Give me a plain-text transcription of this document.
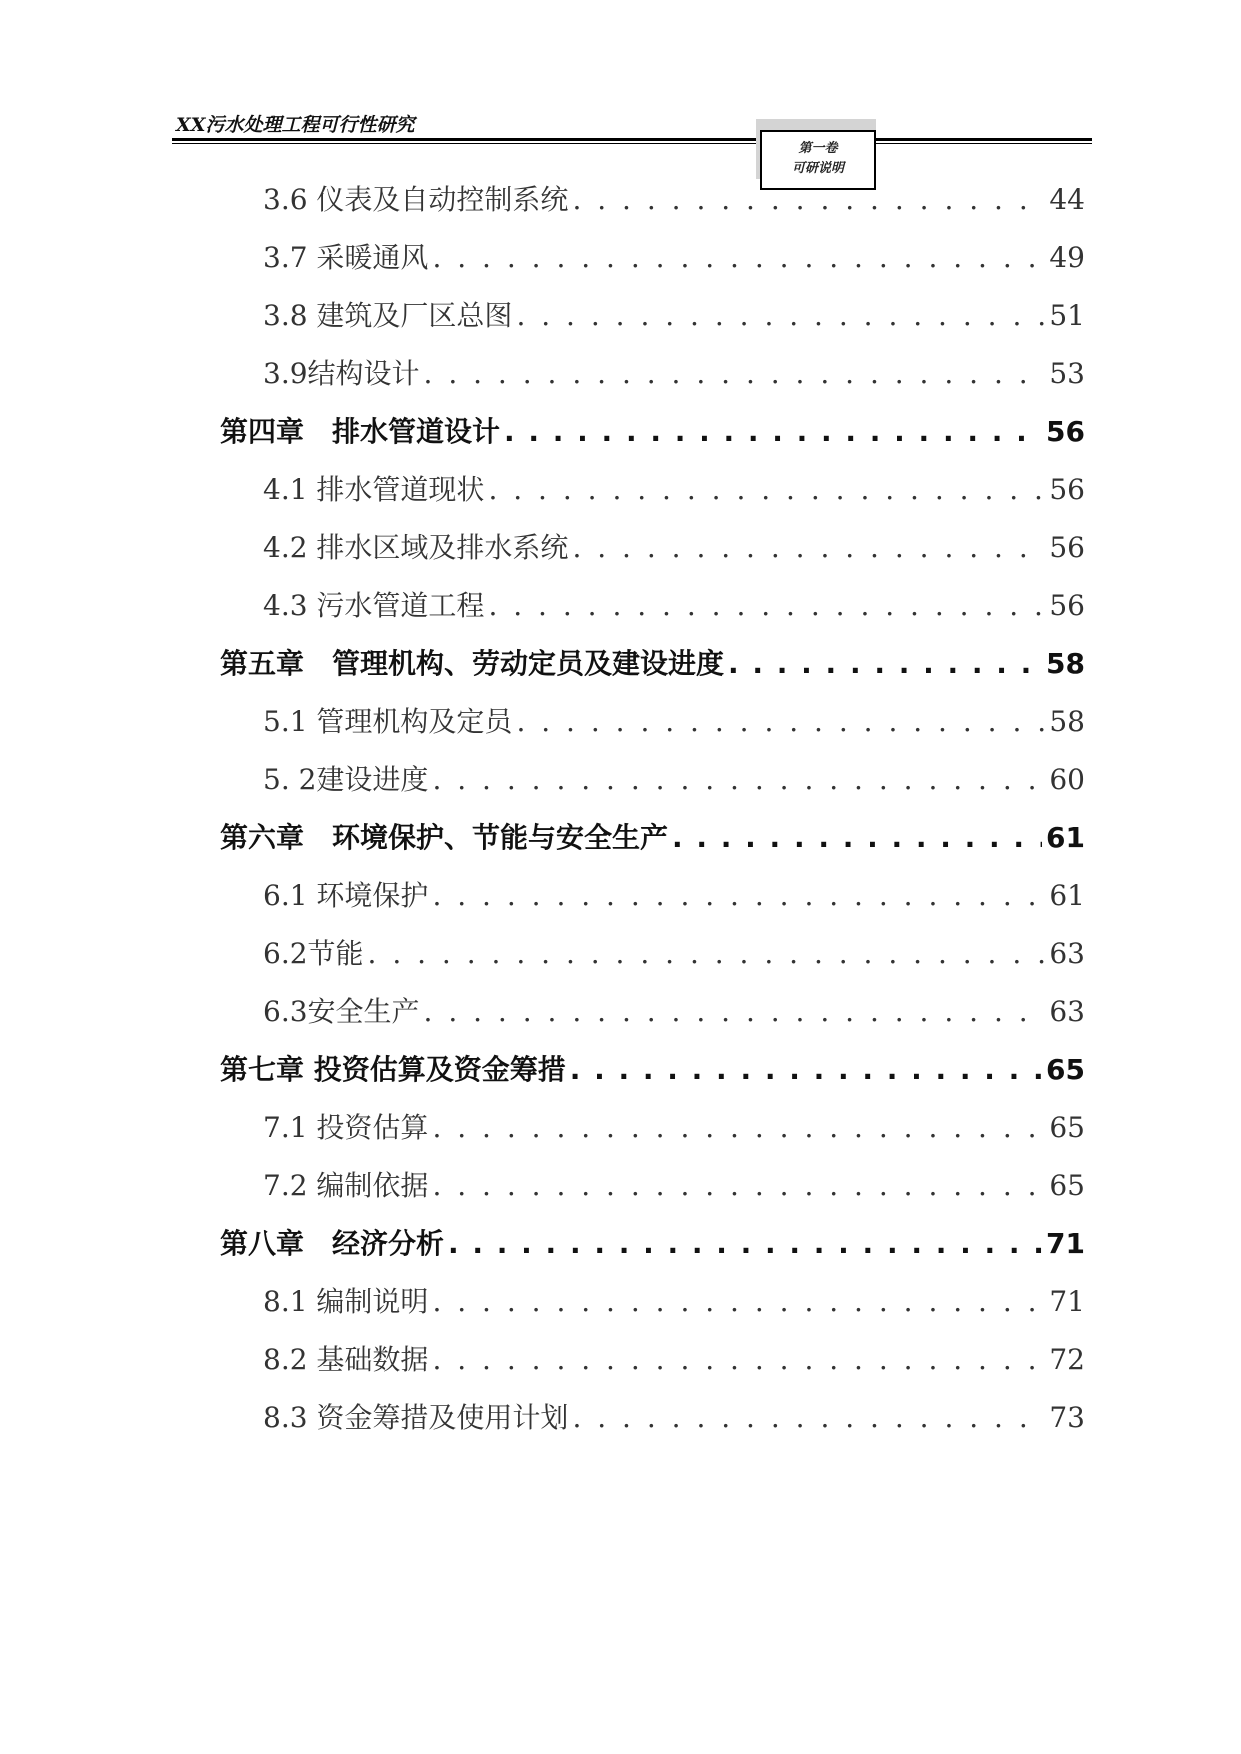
XX污水处理工程可行性研究
第一卷
可研说明
3.6 仪表及自动控制系统 . . .	44
3.7 采暖通风 . . .	49
3.8 建筑及厂区总图 . . .	51
3.9结构设计 . . .	53
第四章　排水管道设计 . . .	56
4.1 排水管道现状 . . .	56
4.2 排水区域及排水系统 . . .	56
4.3 污水管道工程 . . .	56
第五章　管理机构、劳动定员及建设进度 . . .	58
5.1 管理机构及定员 . . .	58
5. 2建设进度 . . .	60
第六章　环境保护、节能与安全生产 . . .	61
6.1 环境保护 . . .	61
6.2节能 . . .	63
6.3安全生产 . . .	63
第七章 投资估算及资金筹措 . . .	65
7.1 投资估算 . . .	65
7.2 编制依据 . . .	65
第八章　经济分析 . . .	71
8.1 编制说明 . . .	71
8.2 基础数据 . . .	72
8.3 资金筹措及使用计划 . . .	73
